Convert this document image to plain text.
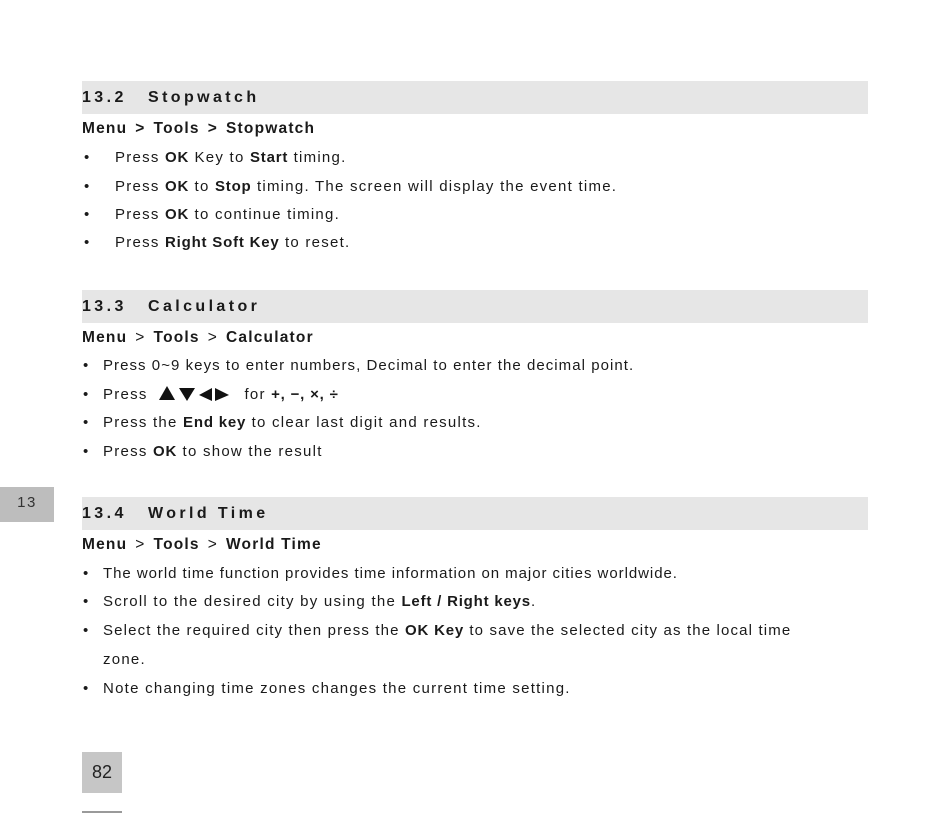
13.2	Stopwatch
Menu > Tools > Stopwatch
• Press OK Key to Start timing.
• Press OK to Stop timing. The screen will display the event time.
• Press OK to continue timing.
• Press Right Soft Key to reset.
13.3	Calculator
Menu > Tools > Calculator
• Press 0~9 keys to enter numbers, Decimal to enter the decimal point.
• Press	for +, −, ×, ÷
• Press the End key to clear last digit and results.
• Press OK to show the result
13
13.4	World Time
Menu > Tools > World Time
• The world time function provides time information on major cities worldwide.
• Scroll to the desired city by using the Left / Right keys.
• Select the required city then press the OK Key to save the selected city as the local time
zone.
• Note changing time zones changes the current time setting.
82
